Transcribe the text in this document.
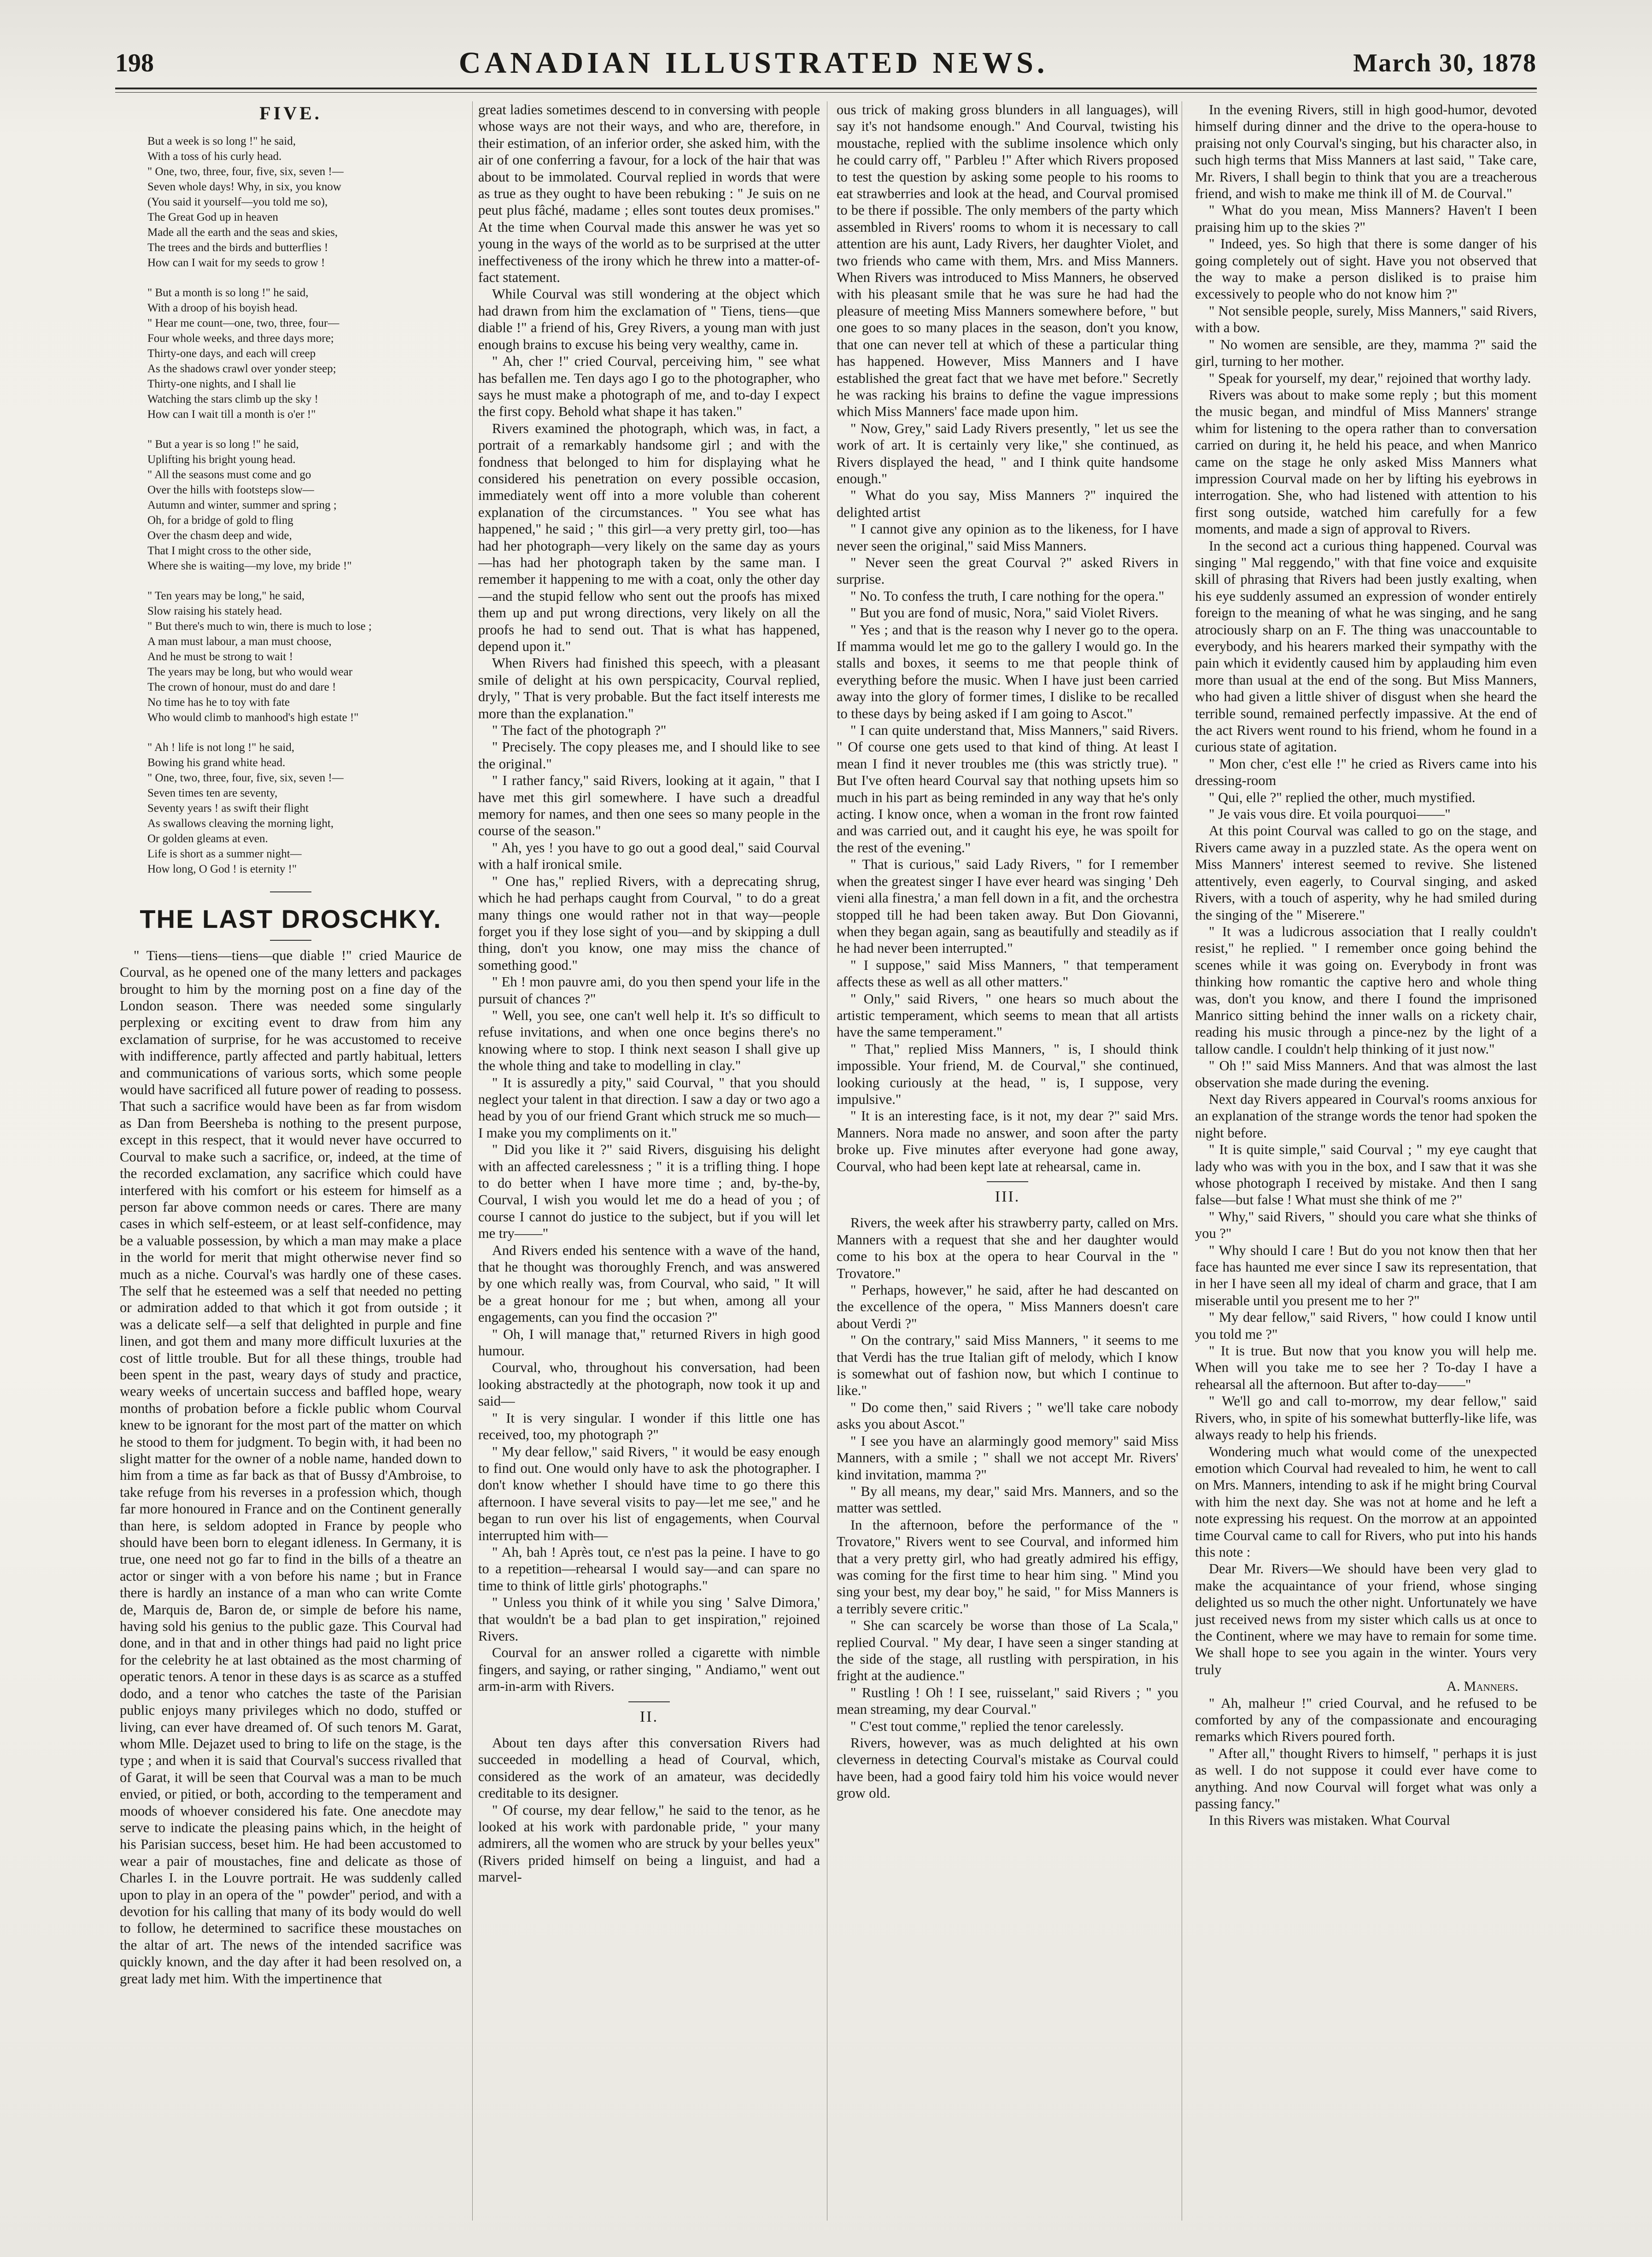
198	CANADIAN ILLUSTRATED NEWS.	March 30, 1878
FIVE.
But a week is so long !" he said,
With a toss of his curly head.
" One, two, three, four, five, six, seven !—
Seven whole days! Why, in six, you know
(You said it yourself—you told me so),
The Great God up in heaven
Made all the earth and the seas and skies,
The trees and the birds and butterflies !
How can I wait for my seeds to grow !
" But a month is so long !" he said,
With a droop of his boyish head.
" Hear me count—one, two, three, four—
Four whole weeks, and three days more;
Thirty-one days, and each will creep
As the shadows crawl over yonder steep;
Thirty-one nights, and I shall lie
Watching the stars climb up the sky !
How can I wait till a month is o'er !"
" But a year is so long !" he said,
Uplifting his bright young head.
" All the seasons must come and go
Over the hills with footsteps slow—
Autumn and winter, summer and spring ;
Oh, for a bridge of gold to fling
Over the chasm deep and wide,
That I might cross to the other side,
Where she is waiting—my love, my bride !"
" Ten years may be long," he said,
Slow raising his stately head.
" But there's much to win, there is much to lose ;
A man must labour, a man must choose,
And he must be strong to wait !
The years may be long, but who would wear
The crown of honour, must do and dare !
No time has he to toy with fate
Who would climb to manhood's high estate !"
" Ah ! life is not long !" he said,
Bowing his grand white head.
" One, two, three, four, five, six, seven !—
Seven times ten are seventy,
Seventy years ! as swift their flight
As swallows cleaving the morning light,
Or golden gleams at even.
Life is short as a summer night—
How long, O God ! is eternity !"
THE LAST DROSCHKY.

" Tiens—tiens—tiens—que diable !" cried Maurice de Courval, as he opened one of the many letters and packages brought to him by the morning post on a fine day of the London season. There was needed some singularly perplexing or exciting event to draw from him any exclamation of surprise, for he was accustomed to receive with indifference, partly affected and partly habitual, letters and communications of various sorts, which some people would have sacrificed all future power of reading to possess. That such a sacrifice would have been as far from wisdom as Dan from Beersheba is nothing to the present purpose, except in this respect, that it would never have occurred to Courval to make such a sacrifice, or, indeed, at the time of the recorded exclamation, any sacrifice which could have interfered with his comfort or his esteem for himself as a person far above common needs or cares. There are many cases in which self-esteem, or at least self-confidence, may be a valuable possession, by which a man may make a place in the world for merit that might otherwise never find so much as a niche. Courval's was hardly one of these cases. The self that he esteemed was a self that needed no petting or admiration added to that which it got from outside ; it was a delicate self—a self that delighted in purple and fine linen, and got them and many more difficult luxuries at the cost of little trouble. But for all these things, trouble had been spent in the past, weary days of study and practice, weary weeks of uncertain success and baffled hope, weary months of probation before a fickle public whom Courval knew to be ignorant for the most part of the matter on which he stood to them for judgment. To begin with, it had been no slight matter for the owner of a noble name, handed down to him from a time as far back as that of Bussy d'Ambroise, to take refuge from his reverses in a profession which, though far more honoured in France and on the Continent generally than here, is seldom adopted in France by people who should have been born to elegant idleness. In Germany, it is true, one need not go far to find in the bills of a theatre an actor or singer with a von before his name ; but in France there is hardly an instance of a man who can write Comte de, Marquis de, Baron de, or simple de before his name, having sold his genius to the public gaze. This Courval had done, and in that and in other things had paid no light price for the celebrity he at last obtained as the most charming of operatic tenors. A tenor in these days is as scarce as a stuffed dodo, and a tenor who catches the taste of the Parisian public enjoys many privileges which no dodo, stuffed or living, can ever have dreamed of. Of such tenors M. Garat, whom Mlle. Dejazet used to bring to life on the stage, is the type ; and when it is said that Courval's success rivalled that of Garat, it will be seen that Courval was a man to be much envied, or pitied, or both, according to the temperament and moods of whoever considered his fate. One anecdote may serve to indicate the pleasing pains which, in the height of his Parisian success, beset him. He had been accustomed to wear a pair of moustaches, fine and delicate as those of Charles I. in the Louvre portrait. He was suddenly called upon to play in an opera of the " powder" period, and with a devotion for his calling that many of its body would do well to follow, he determined to sacrifice these moustaches on the altar of art. The news of the intended sacrifice was quickly known, and the day after it had been resolved on, a great lady met him. With the impertinence that

great ladies sometimes descend to in conversing with people whose ways are not their ways, and who are, therefore, in their estimation, of an inferior order, she asked him, with the air of one conferring a favour, for a lock of the hair that was about to be immolated. Courval replied in words that were as true as they ought to have been rebuking : " Je suis on ne peut plus fâché, madame ; elles sont toutes deux promises." At the time when Courval made this answer he was yet so young in the ways of the world as to be surprised at the utter ineffectiveness of the irony which he threw into a matter-of-fact statement.

While Courval was still wondering at the object which had drawn from him the exclamation of " Tiens, tiens—que diable !" a friend of his, Grey Rivers, a young man with just enough brains to excuse his being very wealthy, came in.

" Ah, cher !" cried Courval, perceiving him, " see what has befallen me. Ten days ago I go to the photographer, who says he must make a photograph of me, and to-day I expect the first copy. Behold what shape it has taken."

Rivers examined the photograph, which was, in fact, a portrait of a remarkably handsome girl ; and with the fondness that belonged to him for displaying what he considered his penetration on every possible occasion, immediately went off into a more voluble than coherent explanation of the circumstances. " You see what has happened," he said ; " this girl—a very pretty girl, too—has had her photograph—very likely on the same day as yours—has had her photograph taken by the same man. I remember it happening to me with a coat, only the other day—and the stupid fellow who sent out the proofs has mixed them up and put wrong directions, very likely on all the proofs he had to send out. That is what has happened, depend upon it."

When Rivers had finished this speech, with a pleasant smile of delight at his own perspicacity, Courval replied, dryly, " That is very probable. But the fact itself interests me more than the explanation."

" The fact of the photograph ?"

" Precisely. The copy pleases me, and I should like to see the original."

" I rather fancy," said Rivers, looking at it again, " that I have met this girl somewhere. I have such a dreadful memory for names, and then one sees so many people in the course of the season."

" Ah, yes ! you have to go out a good deal," said Courval with a half ironical smile.

" One has," replied Rivers, with a deprecating shrug, which he had perhaps caught from Courval, " to do a great many things one would rather not in that way—people forget you if they lose sight of you—and by skipping a dull thing, don't you know, one may miss the chance of something good."

" Eh ! mon pauvre ami, do you then spend your life in the pursuit of chances ?"

" Well, you see, one can't well help it. It's so difficult to refuse invitations, and when one once begins there's no knowing where to stop. I think next season I shall give up the whole thing and take to modelling in clay."

" It is assuredly a pity," said Courval, " that you should neglect your talent in that direction. I saw a day or two ago a head by you of our friend Grant which struck me so much—I make you my compliments on it."

" Did you like it ?" said Rivers, disguising his delight with an affected carelessness ; " it is a trifling thing. I hope to do better when I have more time ; and, by-the-by, Courval, I wish you would let me do a head of you ; of course I cannot do justice to the subject, but if you will let me try——"

And Rivers ended his sentence with a wave of the hand, that he thought was thoroughly French, and was answered by one which really was, from Courval, who said, " It will be a great honour for me ; but when, among all your engagements, can you find the occasion ?"

" Oh, I will manage that," returned Rivers in high good humour.

Courval, who, throughout his conversation, had been looking abstractedly at the photograph, now took it up and said—

" It is very singular. I wonder if this little one has received, too, my photograph ?"

" My dear fellow," said Rivers, " it would be easy enough to find out. One would only have to ask the photographer. I don't know whether I should have time to go there this afternoon. I have several visits to pay—let me see," and he began to run over his list of engagements, when Courval interrupted him with—

" Ah, bah ! Après tout, ce n'est pas la peine. I have to go to a repetition—rehearsal I would say—and can spare no time to think of little girls' photographs."

" Unless you think of it while you sing ' Salve Dimora,' that wouldn't be a bad plan to get inspiration," rejoined Rivers.

Courval for an answer rolled a cigarette with nimble fingers, and saying, or rather singing, " Andiamo," went out arm-in-arm with Rivers.

II.

About ten days after this conversation Rivers had succeeded in modelling a head of Courval, which, considered as the work of an amateur, was decidedly creditable to its designer.

" Of course, my dear fellow," he said to the tenor, as he looked at his work with pardonable pride, " your many admirers, all the women who are struck by your belles yeux" (Rivers prided himself on being a linguist, and had a marvel-

ous trick of making gross blunders in all languages), will say it's not handsome enough." And Courval, twisting his moustache, replied with the sublime insolence which only he could carry off, " Parbleu !" After which Rivers proposed to test the question by asking some people to his rooms to eat strawberries and look at the head, and Courval promised to be there if possible. The only members of the party which assembled in Rivers' rooms to whom it is necessary to call attention are his aunt, Lady Rivers, her daughter Violet, and two friends who came with them, Mrs. and Miss Manners. When Rivers was introduced to Miss Manners, he observed with his pleasant smile that he was sure he had had the pleasure of meeting Miss Manners somewhere before, " but one goes to so many places in the season, don't you know, that one can never tell at which of these a particular thing has happened. However, Miss Manners and I have established the great fact that we have met before." Secretly he was racking his brains to define the vague impressions which Miss Manners' face made upon him.

" Now, Grey," said Lady Rivers presently, " let us see the work of art. It is certainly very like," she continued, as Rivers displayed the head, " and I think quite handsome enough."

" What do you say, Miss Manners ?" inquired the delighted artist

" I cannot give any opinion as to the likeness, for I have never seen the original," said Miss Manners.

" Never seen the great Courval ?" asked Rivers in surprise.

" No. To confess the truth, I care nothing for the opera."

" But you are fond of music, Nora," said Violet Rivers.

" Yes ; and that is the reason why I never go to the opera. If mamma would let me go to the gallery I would go. In the stalls and boxes, it seems to me that people think of everything before the music. When I have just been carried away into the glory of former times, I dislike to be recalled to these days by being asked if I am going to Ascot."

" I can quite understand that, Miss Manners," said Rivers. " Of course one gets used to that kind of thing. At least I mean I find it never troubles me (this was strictly true). " But I've often heard Courval say that nothing upsets him so much in his part as being reminded in any way that he's only acting. I know once, when a woman in the front row fainted and was carried out, and it caught his eye, he was spoilt for the rest of the evening."

" That is curious," said Lady Rivers, " for I remember when the greatest singer I have ever heard was singing ' Deh vieni alla finestra,' a man fell down in a fit, and the orchestra stopped till he had been taken away. But Don Giovanni, when they began again, sang as beautifully and steadily as if he had never been interrupted."

" I suppose," said Miss Manners, " that temperament affects these as well as all other matters."

" Only," said Rivers, " one hears so much about the artistic temperament, which seems to mean that all artists have the same temperament."

" That," replied Miss Manners, " is, I should think impossible. Your friend, M. de Courval," she continued, looking curiously at the head, " is, I suppose, very impulsive."

" It is an interesting face, is it not, my dear ?" said Mrs. Manners. Nora made no answer, and soon after the party broke up. Five minutes after everyone had gone away, Courval, who had been kept late at rehearsal, came in.

III.

Rivers, the week after his strawberry party, called on Mrs. Manners with a request that she and her daughter would come to his box at the opera to hear Courval in the " Trovatore."

" Perhaps, however," he said, after he had descanted on the excellence of the opera, " Miss Manners doesn't care about Verdi ?"

" On the contrary," said Miss Manners, " it seems to me that Verdi has the true Italian gift of melody, which I know is somewhat out of fashion now, but which I continue to like."

" Do come then," said Rivers ; " we'll take care nobody asks you about Ascot."

" I see you have an alarmingly good memory" said Miss Manners, with a smile ; " shall we not accept Mr. Rivers' kind invitation, mamma ?"

" By all means, my dear," said Mrs. Manners, and so the matter was settled.

In the afternoon, before the performance of the " Trovatore," Rivers went to see Courval, and informed him that a very pretty girl, who had greatly admired his effigy, was coming for the first time to hear him sing. " Mind you sing your best, my dear boy," he said, " for Miss Manners is a terribly severe critic."

" She can scarcely be worse than those of La Scala," replied Courval. " My dear, I have seen a singer standing at the side of the stage, all rustling with perspiration, in his fright at the audience."

" Rustling ! Oh ! I see, ruisselant," said Rivers ; " you mean streaming, my dear Courval."

" C'est tout comme," replied the tenor carelessly.

Rivers, however, was as much delighted at his own cleverness in detecting Courval's mistake as Courval could have been, had a good fairy told him his voice would never grow old.

In the evening Rivers, still in high good-humor, devoted himself during dinner and the drive to the opera-house to praising not only Courval's singing, but his character also, in such high terms that Miss Manners at last said, " Take care, Mr. Rivers, I shall begin to think that you are a treacherous friend, and wish to make me think ill of M. de Courval."

" What do you mean, Miss Manners? Haven't I been praising him up to the skies ?"

" Indeed, yes. So high that there is some danger of his going completely out of sight. Have you not observed that the way to make a person disliked is to praise him excessively to people who do not know him ?"

" Not sensible people, surely, Miss Manners," said Rivers, with a bow.

" No women are sensible, are they, mamma ?" said the girl, turning to her mother.

" Speak for yourself, my dear," rejoined that worthy lady.

Rivers was about to make some reply ; but this moment the music began, and mindful of Miss Manners' strange whim for listening to the opera rather than to conversation carried on during it, he held his peace, and when Manrico came on the stage he only asked Miss Manners what impression Courval made on her by lifting his eyebrows in interrogation. She, who had listened with attention to his first song outside, watched him carefully for a few moments, and made a sign of approval to Rivers.

In the second act a curious thing happened. Courval was singing " Mal reggendo," with that fine voice and exquisite skill of phrasing that Rivers had been justly exalting, when his eye suddenly assumed an expression of wonder entirely foreign to the meaning of what he was singing, and he sang atrociously sharp on an F. The thing was unaccountable to everybody, and his hearers marked their sympathy with the pain which it evidently caused him by applauding him even more than usual at the end of the song. But Miss Manners, who had given a little shiver of disgust when she heard the terrible sound, remained perfectly impassive. At the end of the act Rivers went round to his friend, whom he found in a curious state of agitation.

" Mon cher, c'est elle !" he cried as Rivers came into his dressing-room

" Qui, elle ?" replied the other, much mystified.

" Je vais vous dire. Et voila pourquoi——"

At this point Courval was called to go on the stage, and Rivers came away in a puzzled state. As the opera went on Miss Manners' interest seemed to revive. She listened attentively, even eagerly, to Courval singing, and asked Rivers, with a touch of asperity, why he had smiled during the singing of the " Miserere."

" It was a ludicrous association that I really couldn't resist," he replied. " I remember once going behind the scenes while it was going on. Everybody in front was thinking how romantic the captive hero and whole thing was, don't you know, and there I found the imprisoned Manrico sitting behind the inner walls on a rickety chair, reading his music through a pince-nez by the light of a tallow candle. I couldn't help thinking of it just now."

" Oh !" said Miss Manners. And that was almost the last observation she made during the evening.

Next day Rivers appeared in Courval's rooms anxious for an explanation of the strange words the tenor had spoken the night before.

" It is quite simple," said Courval ; " my eye caught that lady who was with you in the box, and I saw that it was she whose photograph I received by mistake. And then I sang false—but false ! What must she think of me ?"

" Why," said Rivers, " should you care what she thinks of you ?"

" Why should I care ! But do you not know then that her face has haunted me ever since I saw its representation, that in her I have seen all my ideal of charm and grace, that I am miserable until you present me to her ?"

" My dear fellow," said Rivers, " how could I know until you told me ?"

" It is true. But now that you know you will help me. When will you take me to see her ? To-day I have a rehearsal all the afternoon. But after to-day——"

" We'll go and call to-morrow, my dear fellow," said Rivers, who, in spite of his somewhat butterfly-like life, was always ready to help his friends.

Wondering much what would come of the unexpected emotion which Courval had revealed to him, he went to call on Mrs. Manners, intending to ask if he might bring Courval with him the next day. She was not at home and he left a note expressing his request. On the morrow at an appointed time Courval came to call for Rivers, who put into his hands this note :

Dear Mr. Rivers—We should have been very glad to make the acquaintance of your friend, whose singing delighted us so much the other night. Unfortunately we have just received news from my sister which calls us at once to the Continent, where we may have to remain for some time. We shall hope to see you again in the winter. Yours very truly

A. Manners.

" Ah, malheur !" cried Courval, and he refused to be comforted by any of the compassionate and encouraging remarks which Rivers poured forth.

" After all," thought Rivers to himself, " perhaps it is just as well. I do not suppose it could ever have come to anything. And now Courval will forget what was only a passing fancy."

In this Rivers was mistaken. What Courval
